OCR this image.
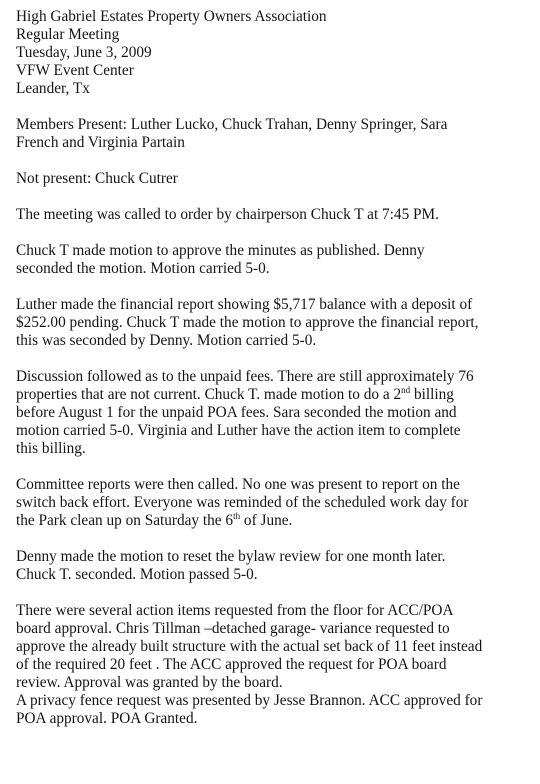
High Gabriel Estates Property Owners Association
Regular Meeting
Tuesday, June 3, 2009
VFW Event Center
Leander, Tx
Members Present: Luther Lucko, Chuck Trahan, Denny Springer, Sara
French and Virginia Partain
Not present: Chuck Cutrer
The meeting was called to order by chairperson Chuck T at 7:45 PM.
Chuck T made motion to approve the minutes as published. Denny
seconded the motion. Motion carried 5-0.
Luther made the financial report showing $5,717 balance with a deposit of
$252.00 pending. Chuck T made the motion to approve the financial report,
this was seconded by Denny. Motion carried 5-0.
Discussion followed as to the unpaid fees. There are still approximately 76
properties that are not current. Chuck T. made motion to do a 2nd billing
before August 1 for the unpaid POA fees. Sara seconded the motion and
motion carried 5-0. Virginia and Luther have the action item to complete
this billing.
Committee reports were then called. No one was present to report on the
switch back effort. Everyone was reminded of the scheduled work day for
the Park clean up on Saturday the 6th of June.
Denny made the motion to reset the bylaw review for one month later.
Chuck T. seconded. Motion passed 5-0.
There were several action items requested from the floor for ACC/POA
board approval. Chris Tillman –detached garage- variance requested to
approve the already built structure with the actual set back of 11 feet instead
of the required 20 feet . The ACC approved the request for POA board
review. Approval was granted by the board.
A privacy fence request was presented by Jesse Brannon. ACC approved for
POA approval. POA Granted.
